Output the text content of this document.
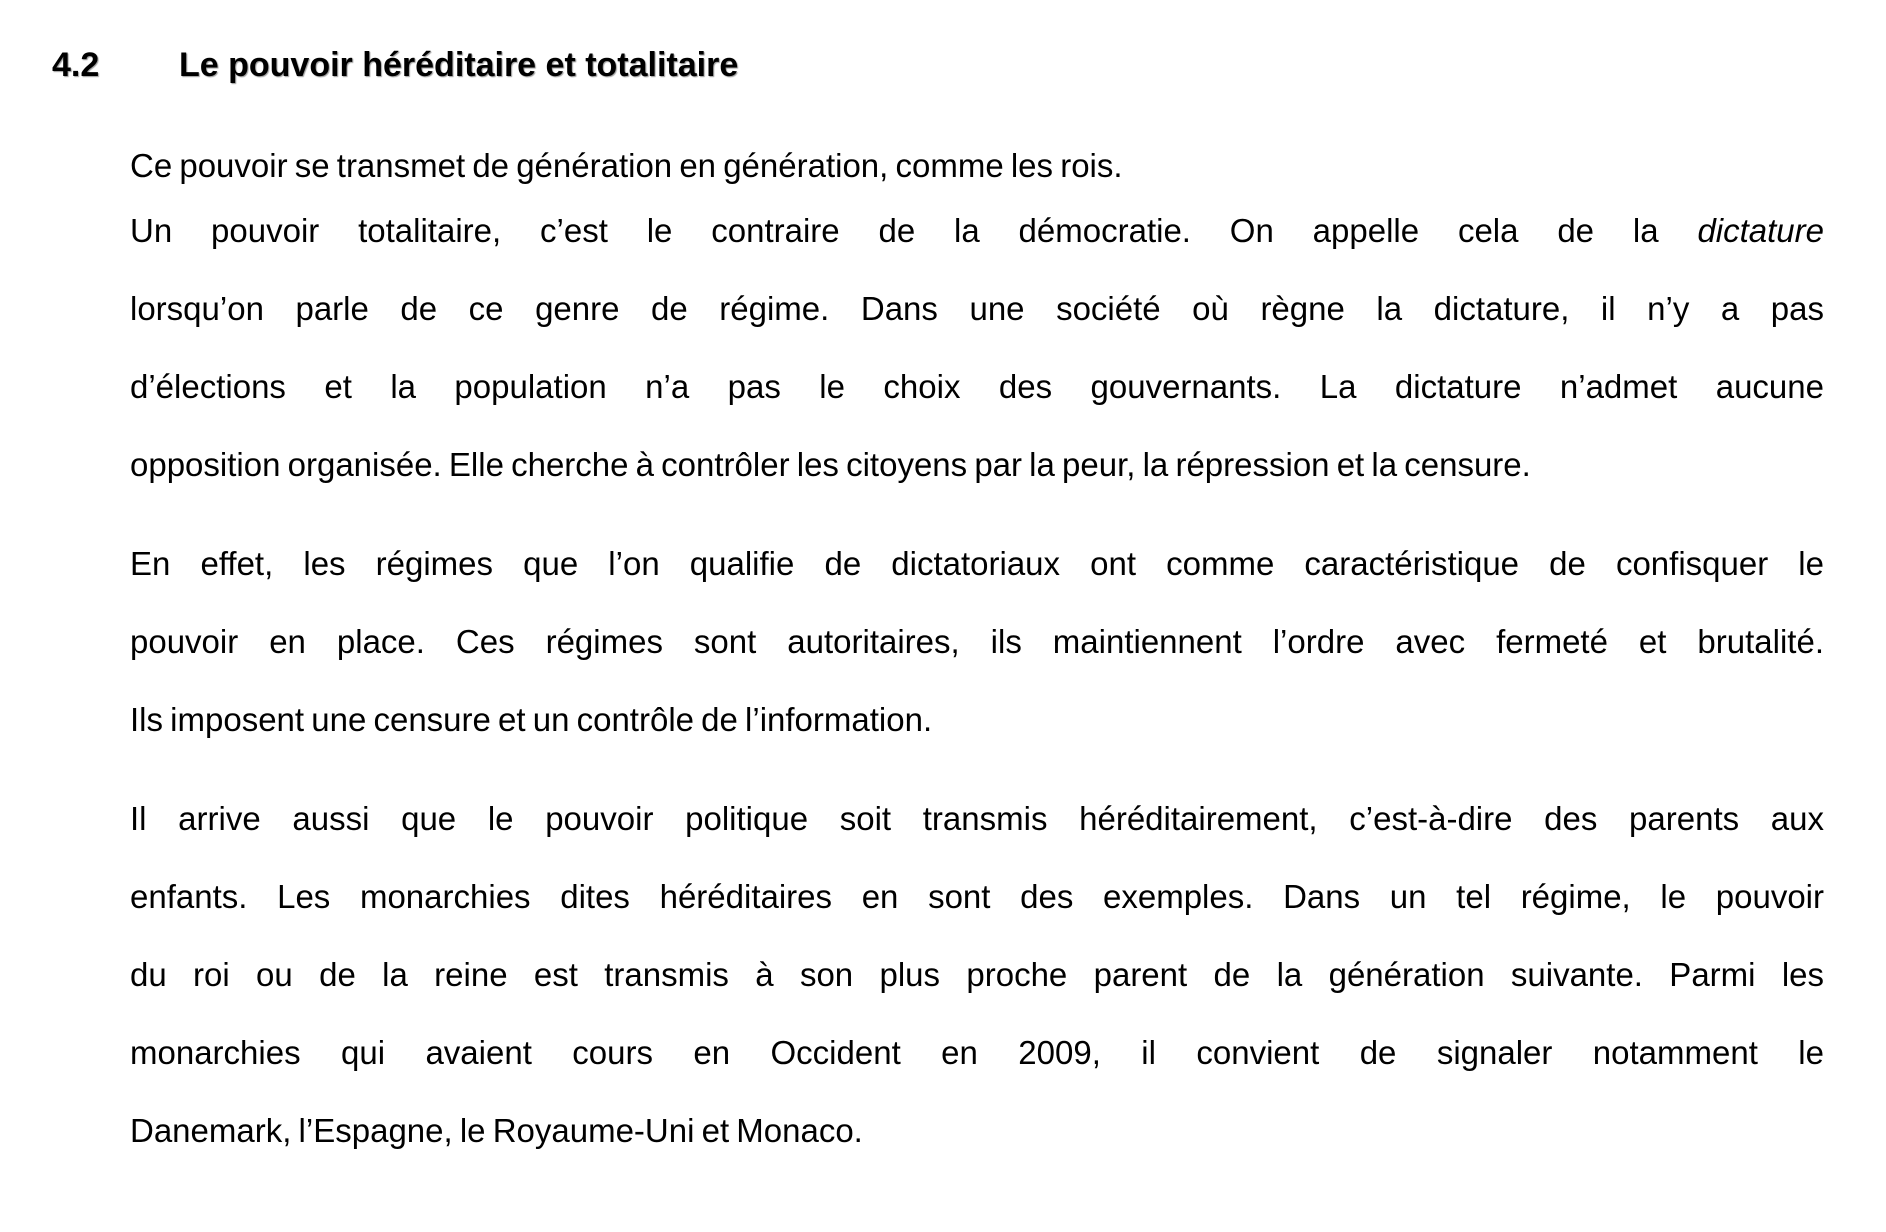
4.2 Le pouvoir héréditaire et totalitaire
Ce pouvoir se transmet de génération en génération, comme les rois.
Un pouvoir totalitaire, c’est le contraire de la démocratie. On appelle cela de la dictature
lorsqu’on parle de ce genre de régime. Dans une société où règne la dictature, il n’y a pas
d’élections et la population n’a pas le choix des gouvernants. La dictature n’admet aucune
opposition organisée. Elle cherche à contrôler les citoyens par la peur, la répression et la censure.
En effet, les régimes que l’on qualifie de dictatoriaux ont comme caractéristique de confisquer le
pouvoir en place. Ces régimes sont autoritaires, ils maintiennent l’ordre avec fermeté et brutalité.
Ils imposent une censure et un contrôle de l’information.
Il arrive aussi que le pouvoir politique soit transmis héréditairement, c’est-à-dire des parents aux
enfants. Les monarchies dites héréditaires en sont des exemples. Dans un tel régime, le pouvoir
du roi ou de la reine est transmis à son plus proche parent de la génération suivante. Parmi les
monarchies qui avaient cours en Occident en 2009, il convient de signaler notamment le
Danemark, l’Espagne, le Royaume-Uni et Monaco.
